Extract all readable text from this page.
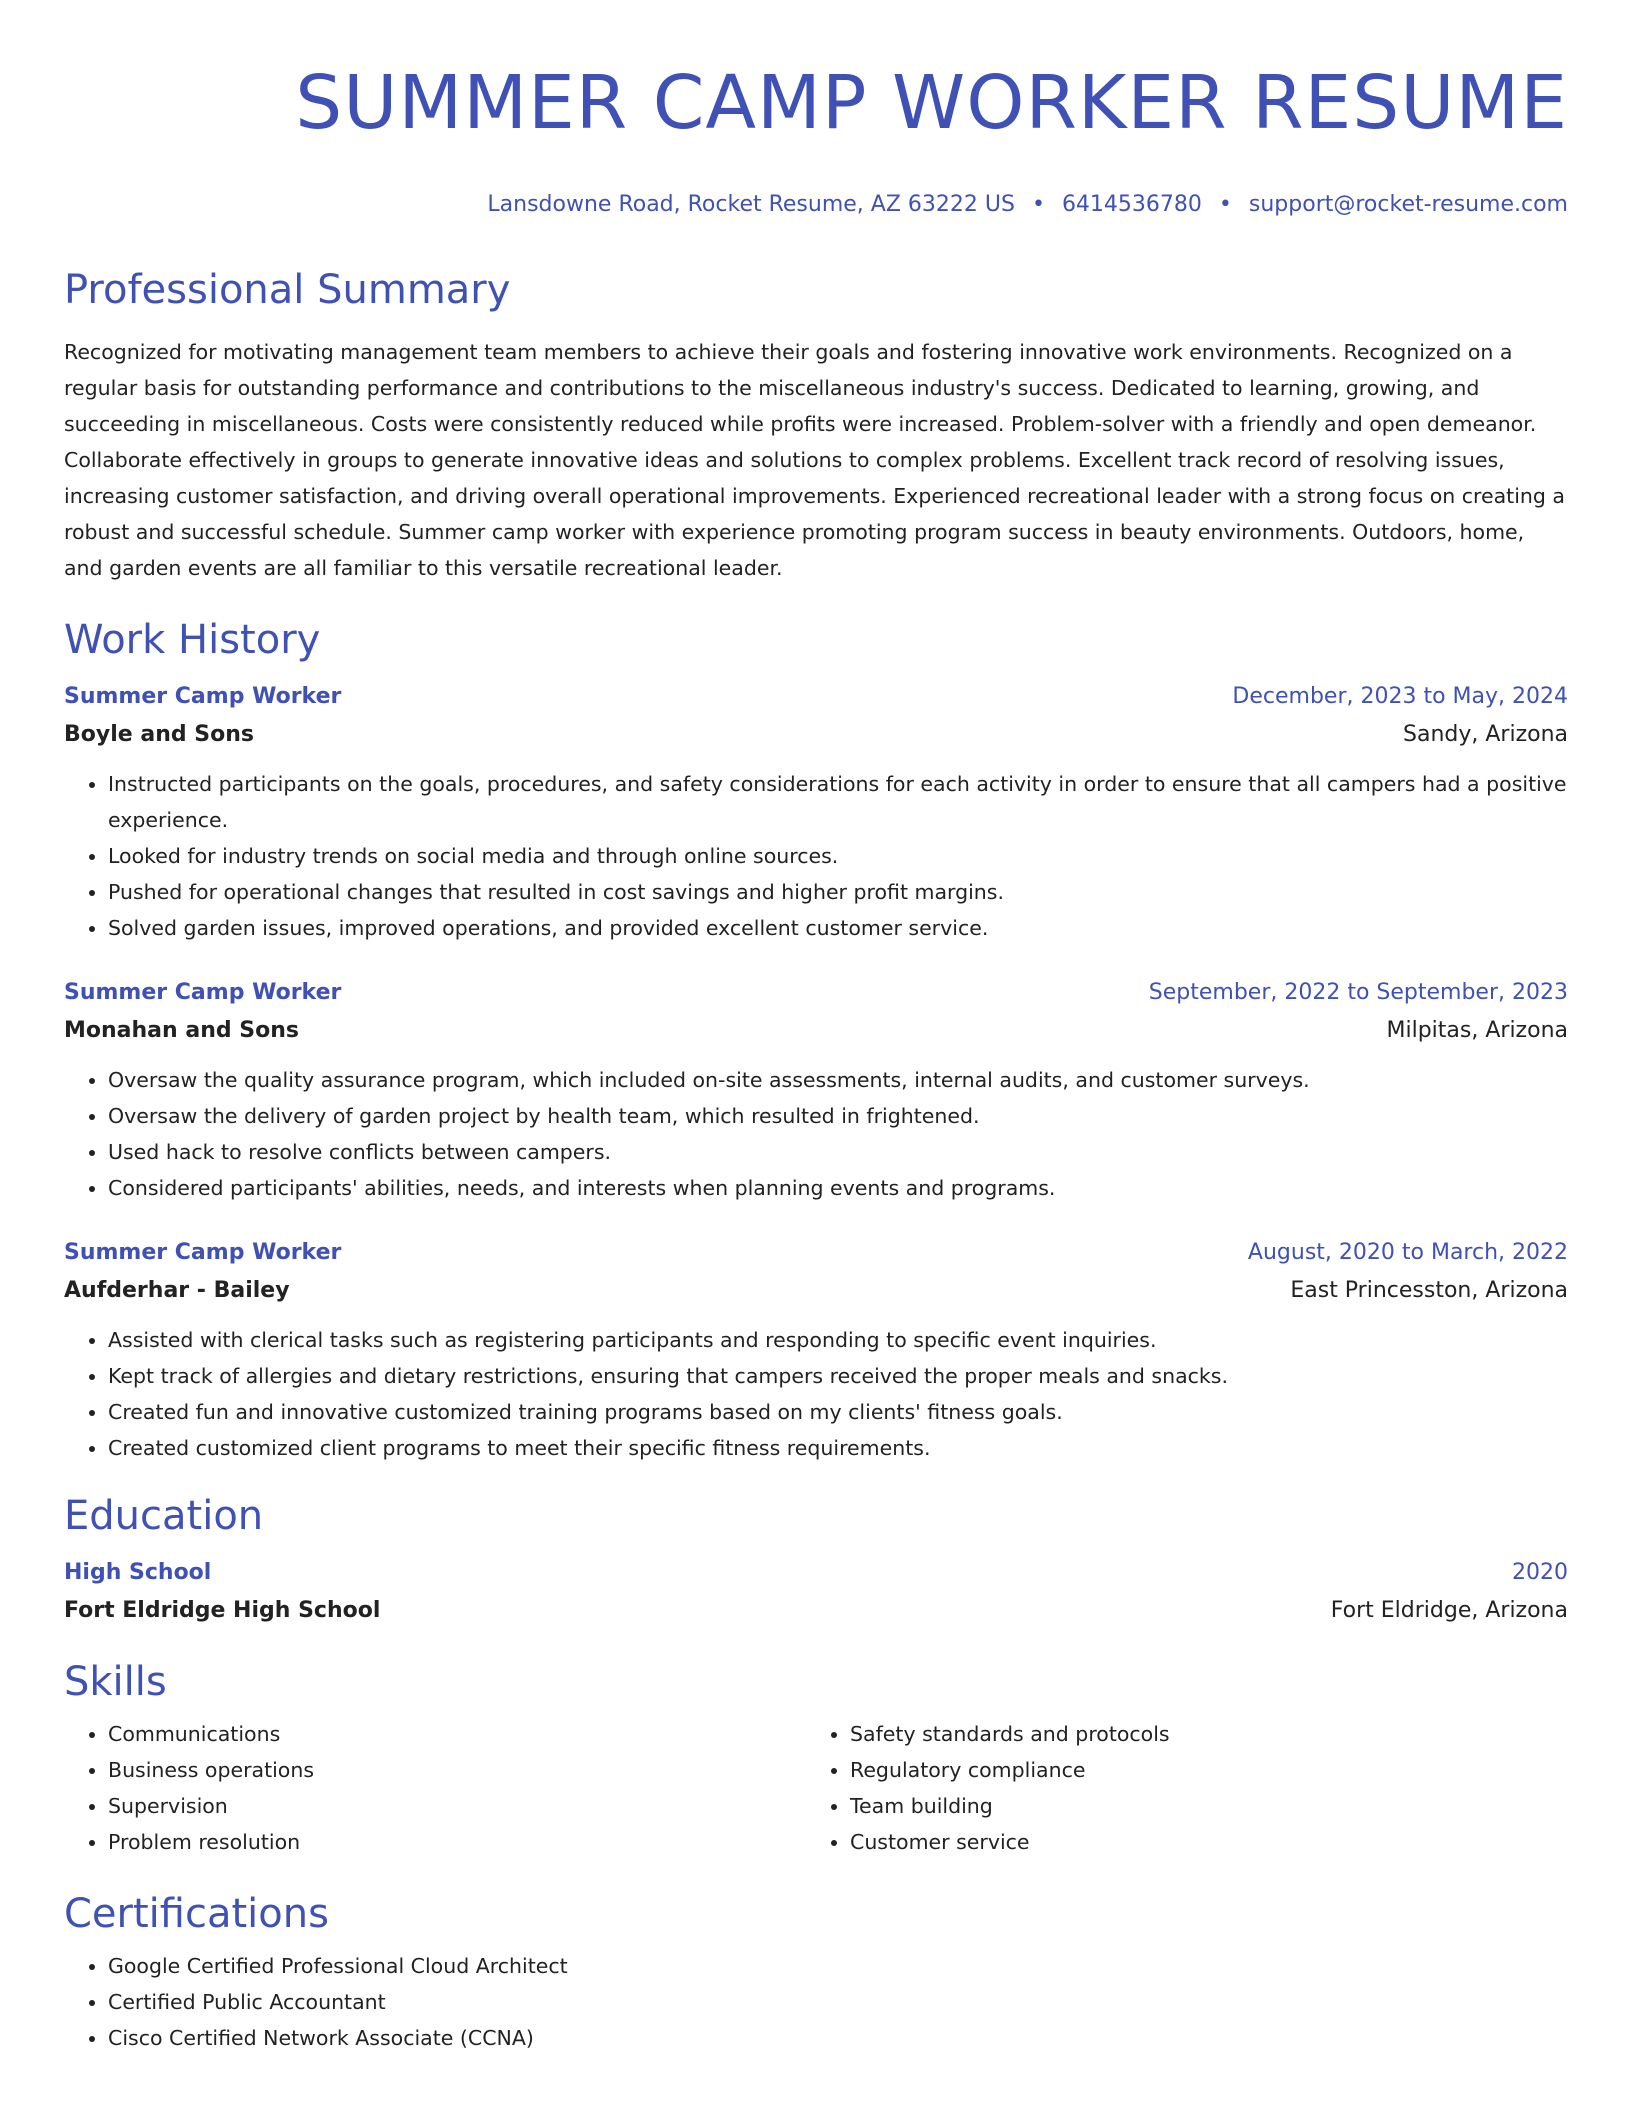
SUMMER CAMP WORKER RESUME
Lansdowne Road, Rocket Resume, AZ 63222 US • 6414536780 • support@rocket-resume.com
Professional Summary
Recognized for motivating management team members to achieve their goals and fostering innovative work environments. Recognized on a regular basis for outstanding performance and contributions to the miscellaneous industry's success. Dedicated to learning, growing, and succeeding in miscellaneous. Costs were consistently reduced while profits were increased. Problem-solver with a friendly and open demeanor. Collaborate effectively in groups to generate innovative ideas and solutions to complex problems. Excellent track record of resolving issues, increasing customer satisfaction, and driving overall operational improvements. Experienced recreational leader with a strong focus on creating a robust and successful schedule. Summer camp worker with experience promoting program success in beauty environments. Outdoors, home, and garden events are all familiar to this versatile recreational leader.
Work History
Summer Camp Worker	December, 2023 to May, 2024
Boyle and Sons	Sandy, Arizona
• Instructed participants on the goals, procedures, and safety considerations for each activity in order to ensure that all campers had a positive experience.
• Looked for industry trends on social media and through online sources.
• Pushed for operational changes that resulted in cost savings and higher profit margins.
• Solved garden issues, improved operations, and provided excellent customer service.
Summer Camp Worker	September, 2022 to September, 2023
Monahan and Sons	Milpitas, Arizona
• Oversaw the quality assurance program, which included on-site assessments, internal audits, and customer surveys.
• Oversaw the delivery of garden project by health team, which resulted in frightened.
• Used hack to resolve conflicts between campers.
• Considered participants' abilities, needs, and interests when planning events and programs.
Summer Camp Worker	August, 2020 to March, 2022
Aufderhar - Bailey	East Princesston, Arizona
• Assisted with clerical tasks such as registering participants and responding to specific event inquiries.
• Kept track of allergies and dietary restrictions, ensuring that campers received the proper meals and snacks.
• Created fun and innovative customized training programs based on my clients' fitness goals.
• Created customized client programs to meet their specific fitness requirements.
Education
High School	2020
Fort Eldridge High School	Fort Eldridge, Arizona
Skills
• Communications
• Business operations
• Supervision
• Problem resolution
• Safety standards and protocols
• Regulatory compliance
• Team building
• Customer service
Certifications
• Google Certified Professional Cloud Architect
• Certified Public Accountant
• Cisco Certified Network Associate (CCNA)
